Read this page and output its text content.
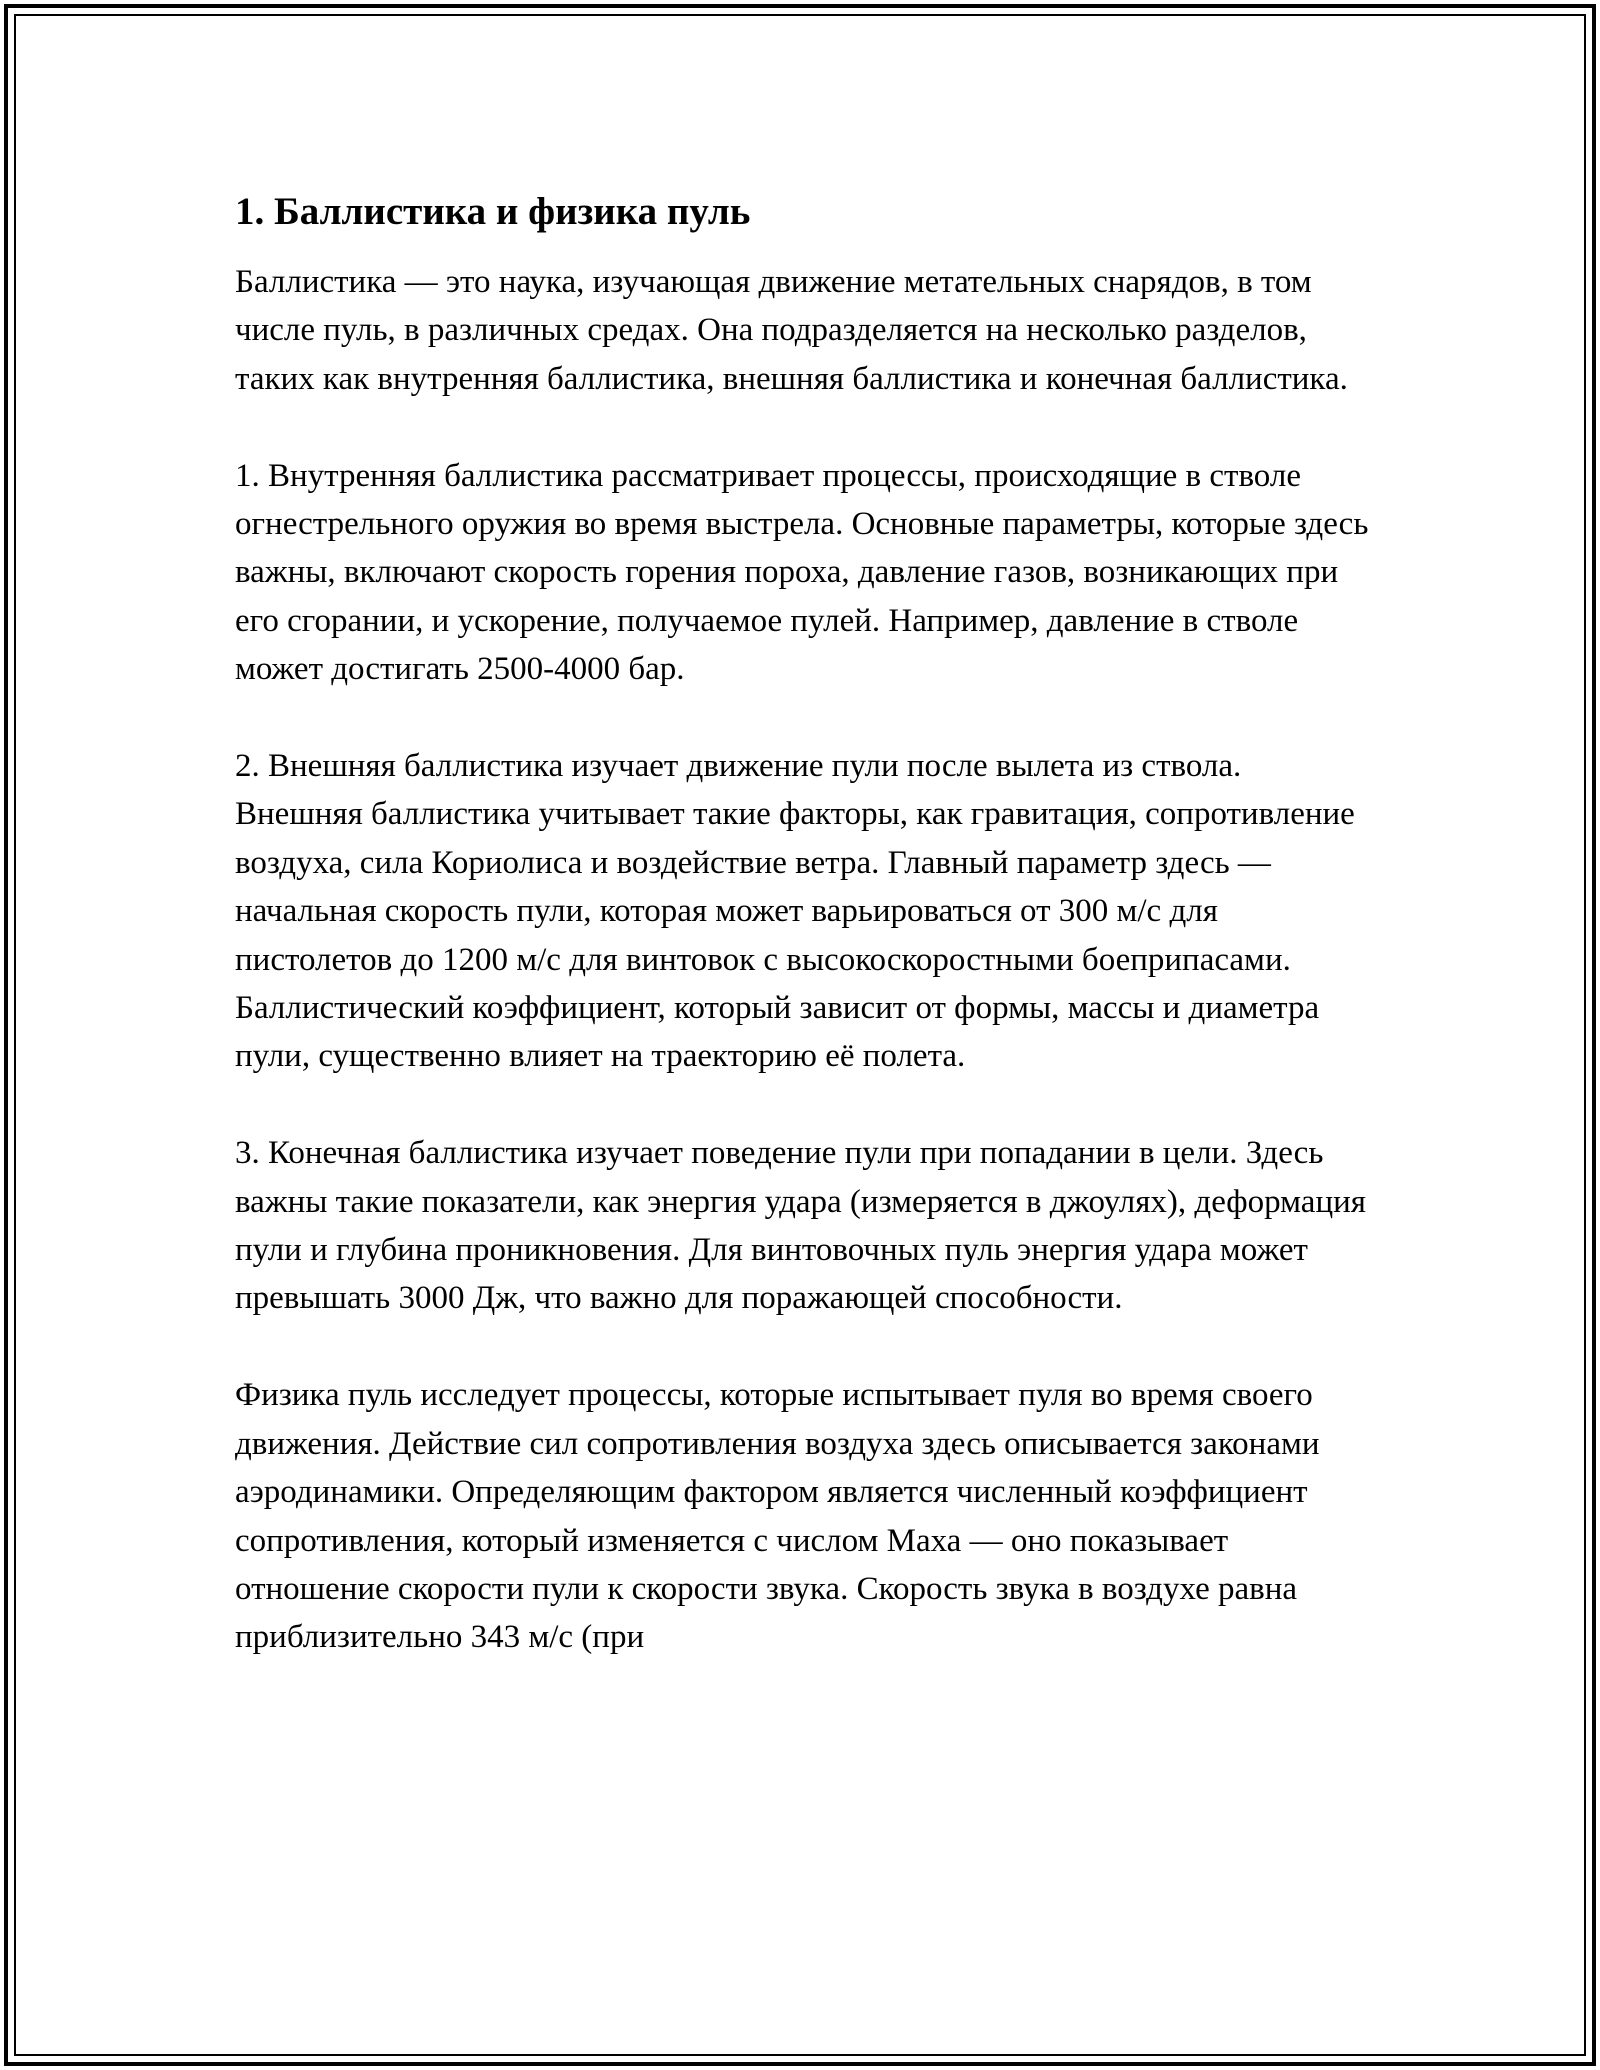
1. Баллистика и физика пуль

Баллистика — это наука, изучающая движение метательных снарядов, в том числе пуль, в различных средах. Она подразделяется на несколько разделов, таких как внутренняя баллистика, внешняя баллистика и конечная баллистика.

1. Внутренняя баллистика рассматривает процессы, происходящие в стволе огнестрельного оружия во время выстрела. Основные параметры, которые здесь важны, включают скорость горения пороха, давление газов, возникающих при его сгорании, и ускорение, получаемое пулей. Например, давление в стволе может достигать 2500-4000 бар.

2. Внешняя баллистика изучает движение пули после вылета из ствола. Внешняя баллистика учитывает такие факторы, как гравитация, сопротивление воздуха, сила Кориолиса и воздействие ветра. Главный параметр здесь — начальная скорость пули, которая может варьироваться от 300 м/с для пистолетов до 1200 м/с для винтовок с высокоскоростными боеприпасами. Баллистический коэффициент, который зависит от формы, массы и диаметра пули, существенно влияет на траекторию её полета.

3. Конечная баллистика изучает поведение пули при попадании в цели. Здесь важны такие показатели, как энергия удара (измеряется в джоулях), деформация пули и глубина проникновения. Для винтовочных пуль энергия удара может превышать 3000 Дж, что важно для поражающей способности.

Физика пуль исследует процессы, которые испытывает пуля во время своего движения. Действие сил сопротивления воздуха здесь описывается законами аэродинамики. Определяющим фактором является численный коэффициент сопротивления, который изменяется с числом Маха — оно показывает отношение скорости пули к скорости звука. Скорость звука в воздухе равна приблизительно 343 м/с (при
